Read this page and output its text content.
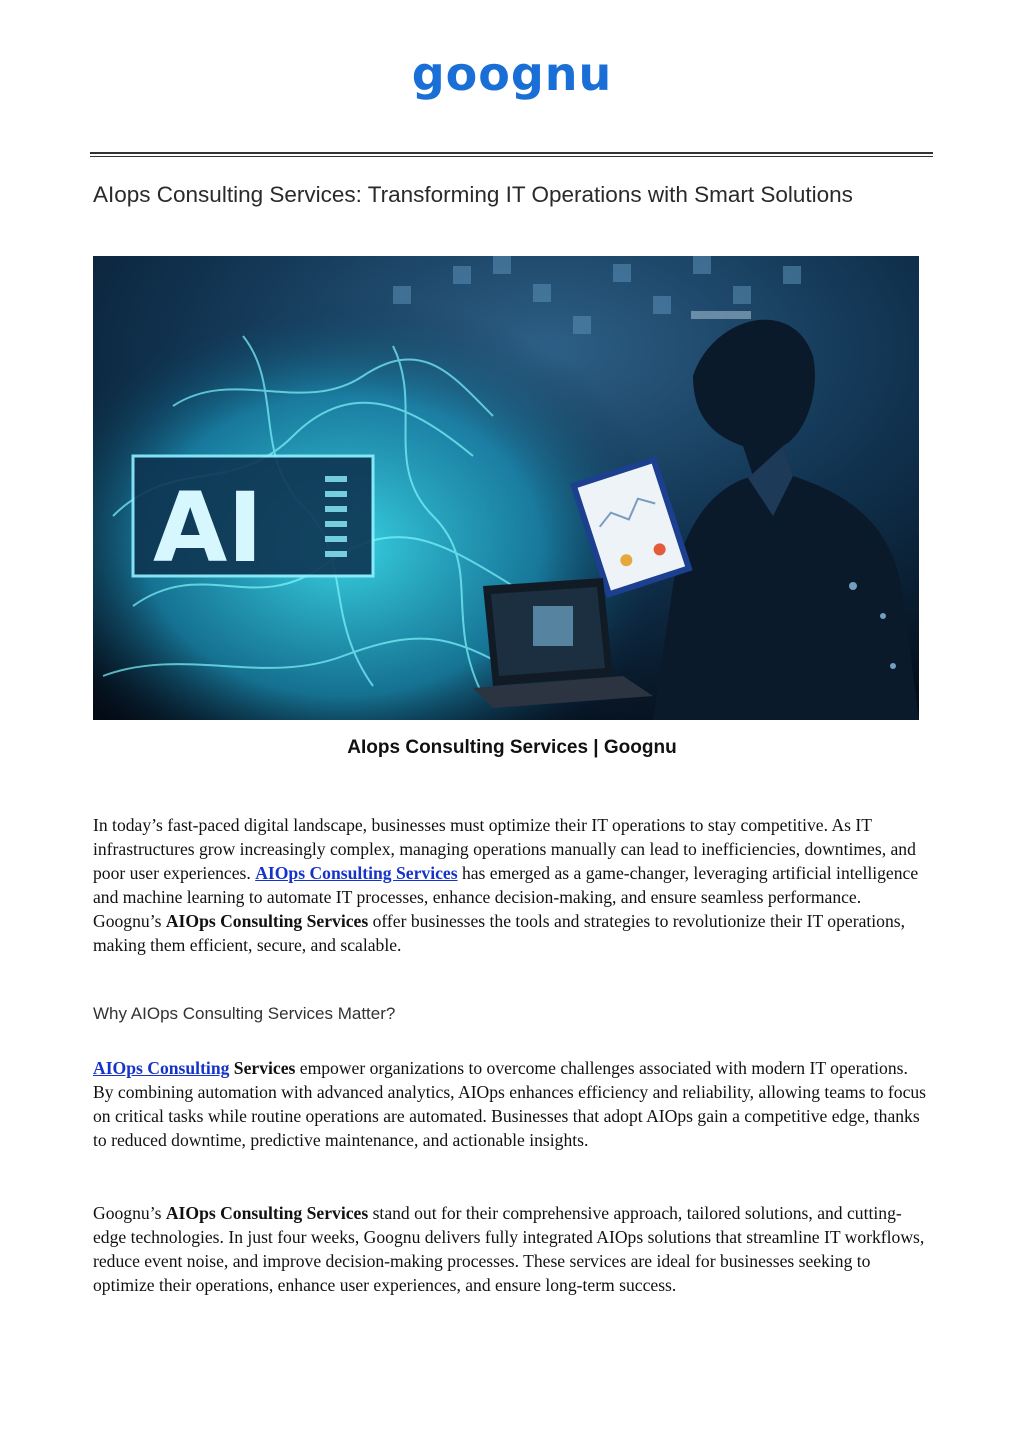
goognu
AIops Consulting Services: Transforming IT Operations with Smart Solutions
AI
AIops Consulting Services | Goognu

In today’s fast-paced digital landscape, businesses must optimize their IT operations to stay competitive. As IT infrastructures grow increasingly complex, managing operations manually can lead to inefficiencies, downtimes, and poor user experiences. AIOps Consulting Services has emerged as a game-changer, leveraging artificial intelligence and machine learning to automate IT processes, enhance decision-making, and ensure seamless performance. Goognu’s AIOps Consulting Services offer businesses the tools and strategies to revolutionize their IT operations, making them efficient, secure, and scalable.

Why AIOps Consulting Services Matter?

AIOps Consulting Services empower organizations to overcome challenges associated with modern IT operations. By combining automation with advanced analytics, AIOps enhances efficiency and reliability, allowing teams to focus on critical tasks while routine operations are automated. Businesses that adopt AIOps gain a competitive edge, thanks to reduced downtime, predictive maintenance, and actionable insights.

Goognu’s AIOps Consulting Services stand out for their comprehensive approach, tailored solutions, and cutting-edge technologies. In just four weeks, Goognu delivers fully integrated AIOps solutions that streamline IT workflows, reduce event noise, and improve decision-making processes. These services are ideal for businesses seeking to optimize their operations, enhance user experiences, and ensure long-term success.
